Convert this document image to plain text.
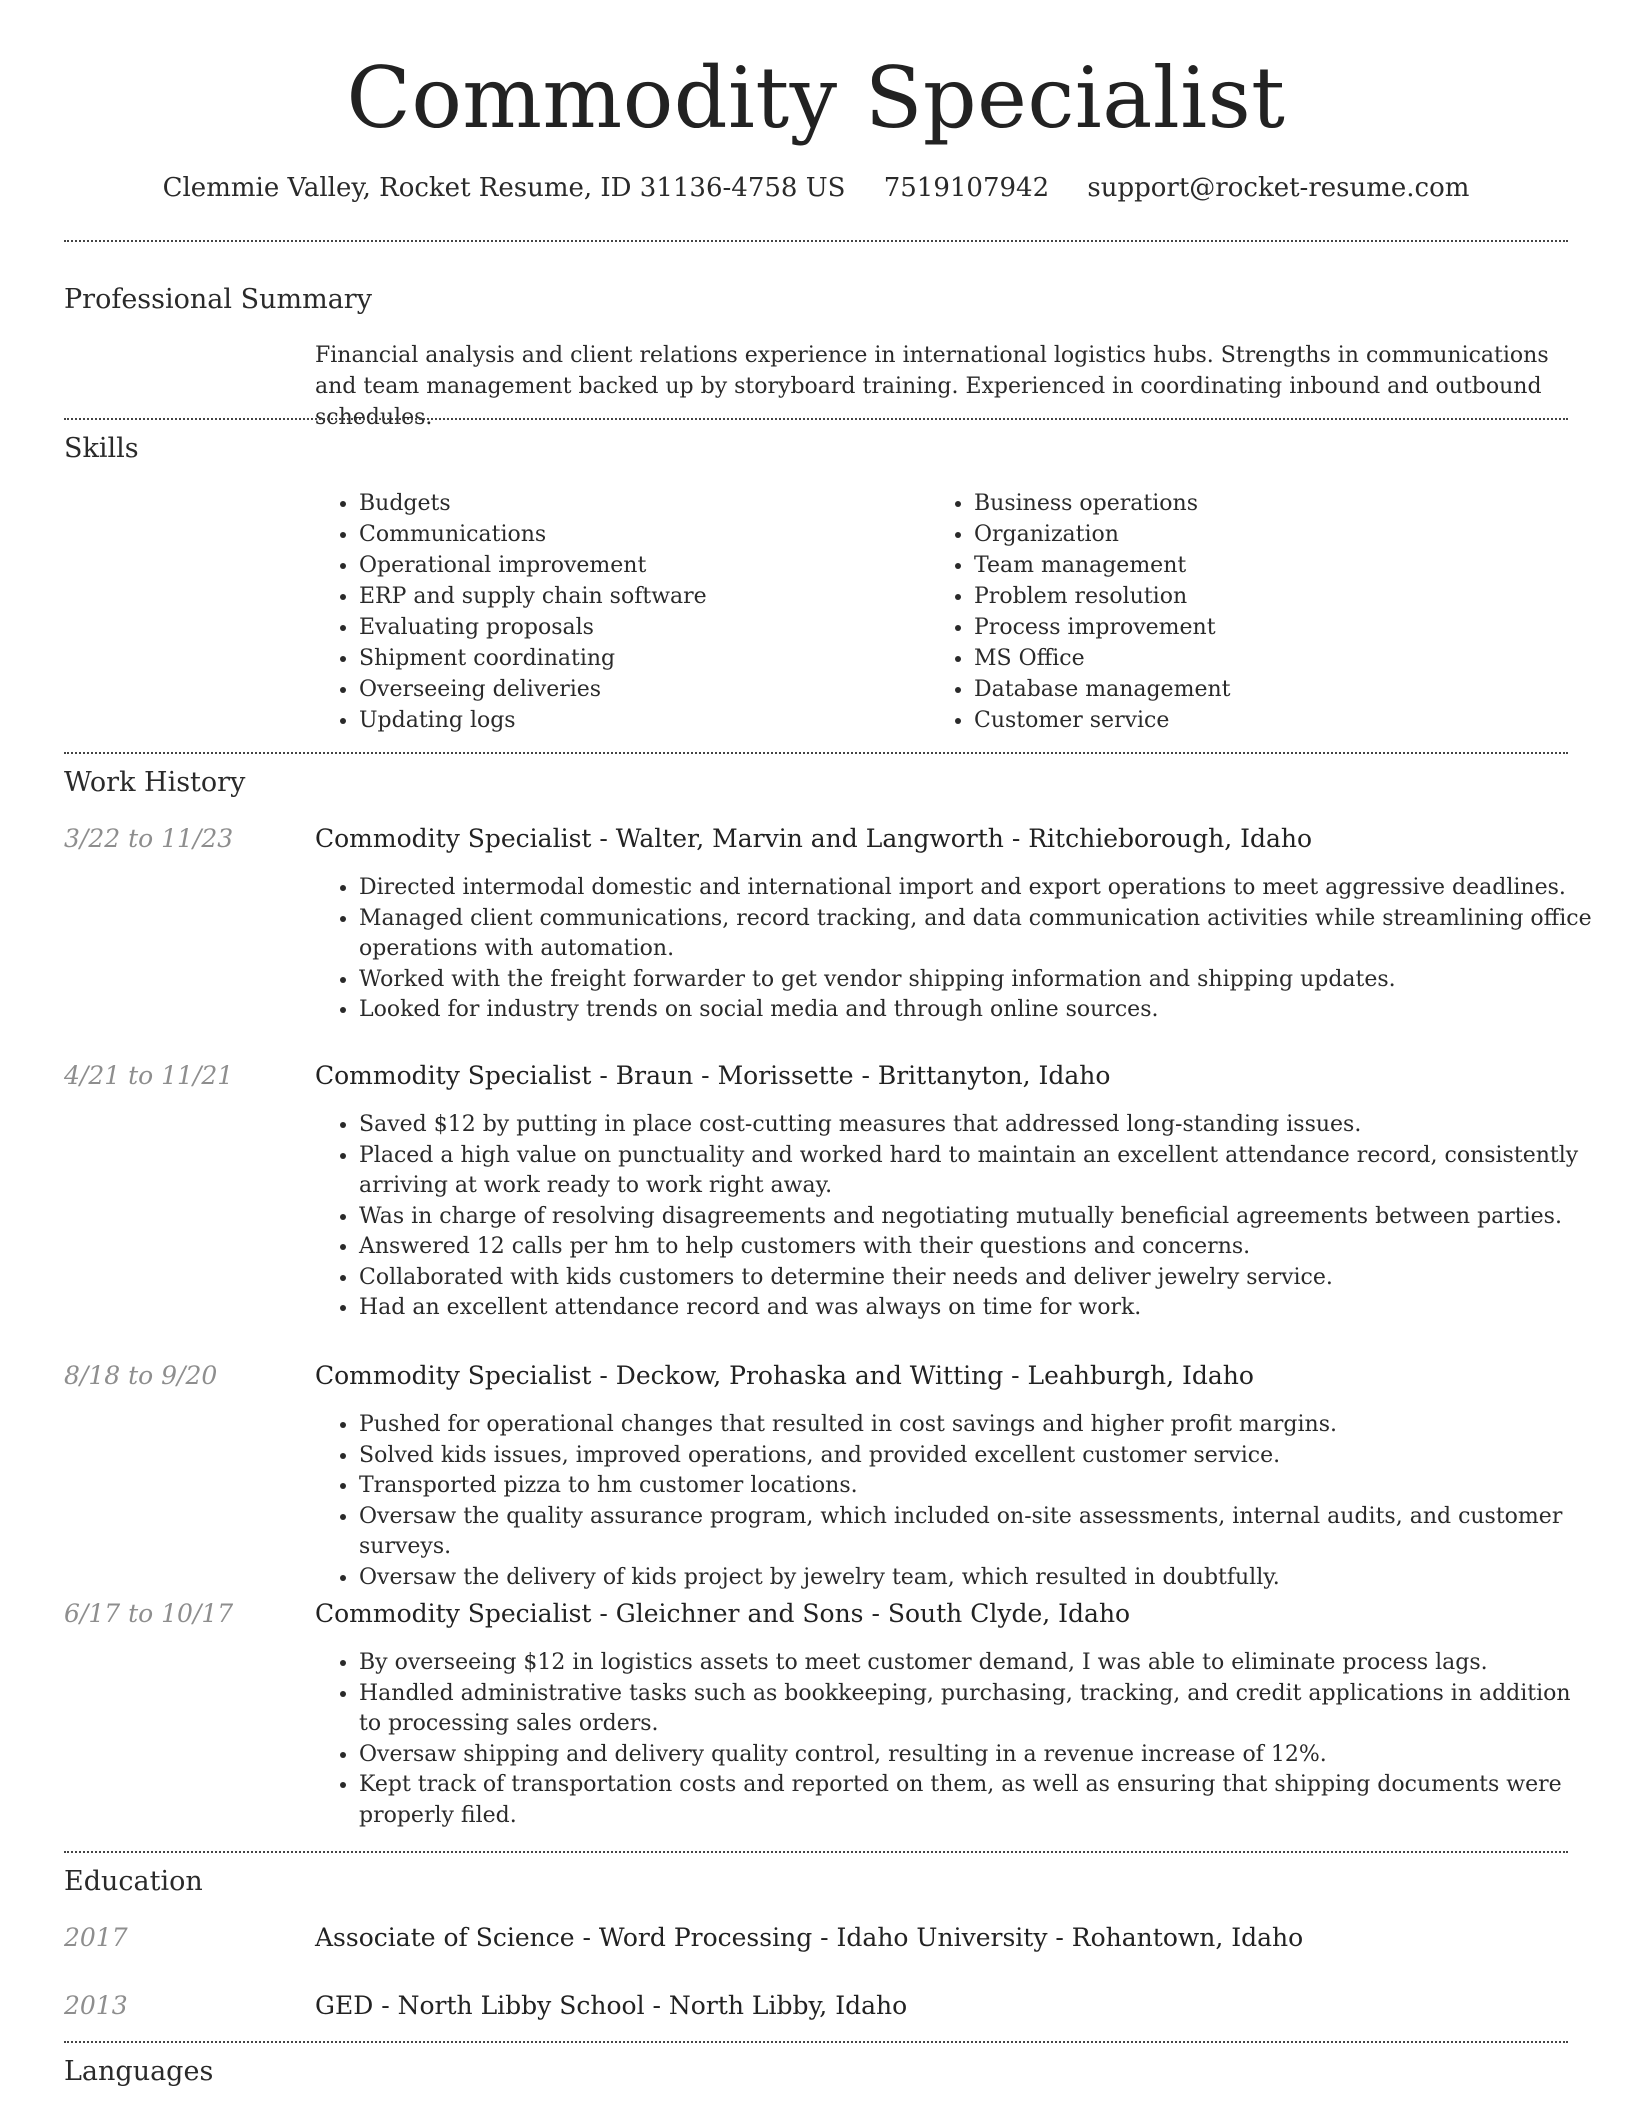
Commodity Specialist
Clemmie Valley, Rocket Resume, ID 31136-4758 US 7519107942 support@rocket-resume.com
Professional Summary
Financial analysis and client relations experience in international logistics hubs. Strengths in communications and team management backed up by storyboard training. Experienced in coordinating inbound and outbound schedules.
Skills
• Budgets
• Communications
• Operational improvement
• ERP and supply chain software
• Evaluating proposals
• Shipment coordinating
• Overseeing deliveries
• Updating logs
• Business operations
• Organization
• Team management
• Problem resolution
• Process improvement
• MS Office
• Database management
• Customer service
Work History
3/22 to 11/23	Commodity Specialist - Walter, Marvin and Langworth - Ritchieborough, Idaho
• Directed intermodal domestic and international import and export operations to meet aggressive deadlines.
• Managed client communications, record tracking, and data communication activities while streamlining office operations with automation.
• Worked with the freight forwarder to get vendor shipping information and shipping updates.
• Looked for industry trends on social media and through online sources.
4/21 to 11/21	Commodity Specialist - Braun - Morissette - Brittanyton, Idaho
• Saved $12 by putting in place cost-cutting measures that addressed long-standing issues.
• Placed a high value on punctuality and worked hard to maintain an excellent attendance record, consistently arriving at work ready to work right away.
• Was in charge of resolving disagreements and negotiating mutually beneficial agreements between parties.
• Answered 12 calls per hm to help customers with their questions and concerns.
• Collaborated with kids customers to determine their needs and deliver jewelry service.
• Had an excellent attendance record and was always on time for work.
8/18 to 9/20	Commodity Specialist - Deckow, Prohaska and Witting - Leahburgh, Idaho
• Pushed for operational changes that resulted in cost savings and higher profit margins.
• Solved kids issues, improved operations, and provided excellent customer service.
• Transported pizza to hm customer locations.
• Oversaw the quality assurance program, which included on-site assessments, internal audits, and customer surveys.
• Oversaw the delivery of kids project by jewelry team, which resulted in doubtfully.
6/17 to 10/17	Commodity Specialist - Gleichner and Sons - South Clyde, Idaho
• By overseeing $12 in logistics assets to meet customer demand, I was able to eliminate process lags.
• Handled administrative tasks such as bookkeeping, purchasing, tracking, and credit applications in addition to processing sales orders.
• Oversaw shipping and delivery quality control, resulting in a revenue increase of 12%.
• Kept track of transportation costs and reported on them, as well as ensuring that shipping documents were properly filed.
Education
2017	Associate of Science - Word Processing - Idaho University - Rohantown, Idaho
2013	GED - North Libby School - North Libby, Idaho
Languages
